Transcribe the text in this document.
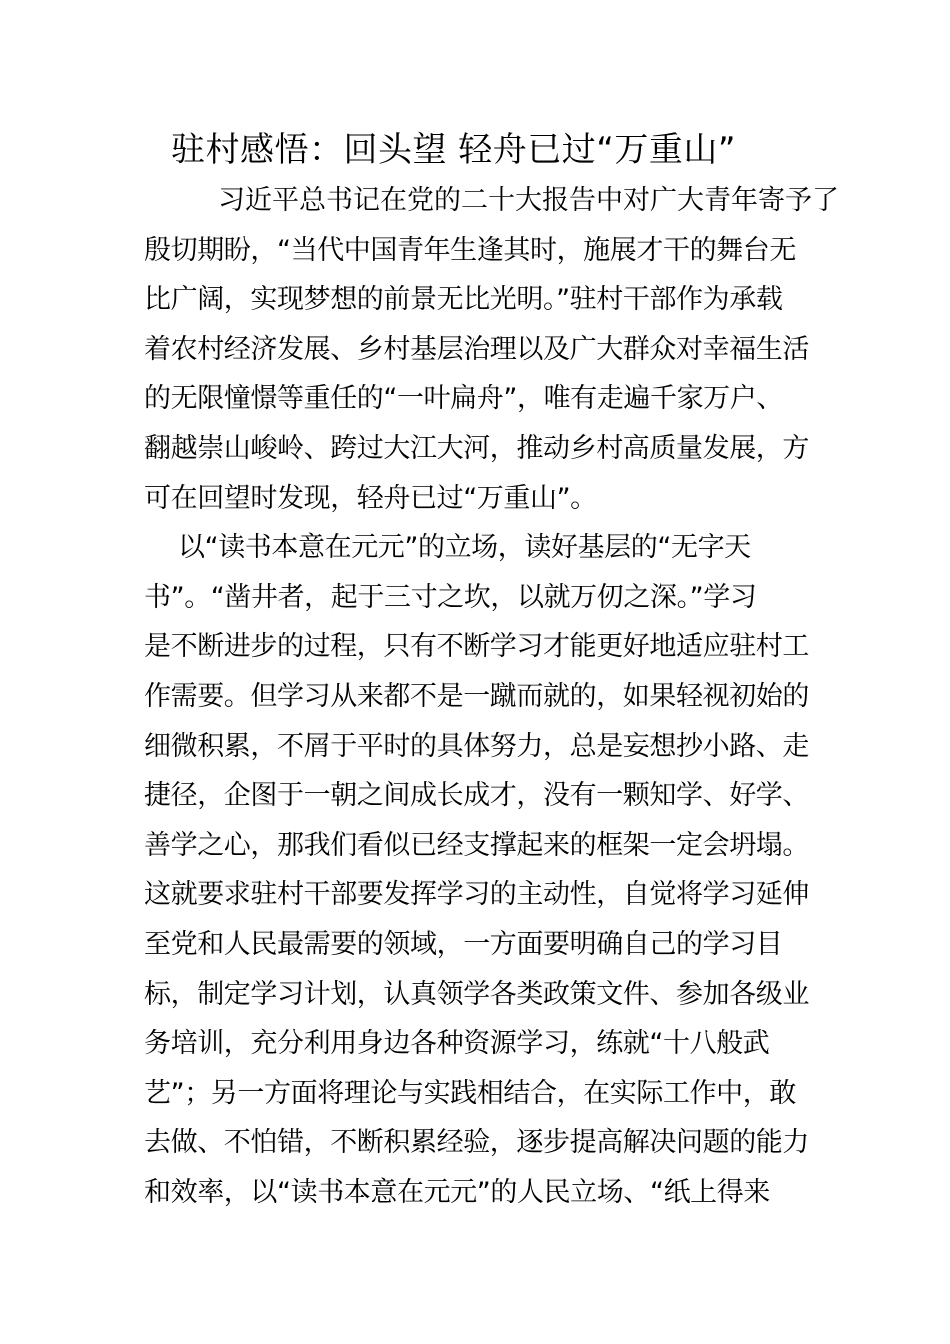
驻村感悟：回头望 轻舟已过“万重山”
习近平总书记在党的二十大报告中对广大青年寄予了
殷切期盼，“当代中国青年生逢其时，施展才干的舞台无
比广阔，实现梦想的前景无比光明。”驻村干部作为承载
着农村经济发展、乡村基层治理以及广大群众对幸福生活
的无限憧憬等重任的“一叶扁舟”，唯有走遍千家万户、
翻越崇山峻岭、跨过大江大河，推动乡村高质量发展，方
可在回望时发现，轻舟已过“万重山”。
以“读书本意在元元”的立场，读好基层的“无字天
书”。“凿井者，起于三寸之坎，以就万仞之深。”学习
是不断进步的过程，只有不断学习才能更好地适应驻村工
作需要。但学习从来都不是一蹴而就的，如果轻视初始的
细微积累，不屑于平时的具体努力，总是妄想抄小路、走
捷径，企图于一朝之间成长成才，没有一颗知学、好学、
善学之心，那我们看似已经支撑起来的框架一定会坍塌。
这就要求驻村干部要发挥学习的主动性，自觉将学习延伸
至党和人民最需要的领域，一方面要明确自己的学习目
标，制定学习计划，认真领学各类政策文件、参加各级业
务培训，充分利用身边各种资源学习，练就“十八般武
艺”；另一方面将理论与实践相结合，在实际工作中，敢
去做、不怕错，不断积累经验，逐步提高解决问题的能力
和效率，以“读书本意在元元”的人民立场、“纸上得来
